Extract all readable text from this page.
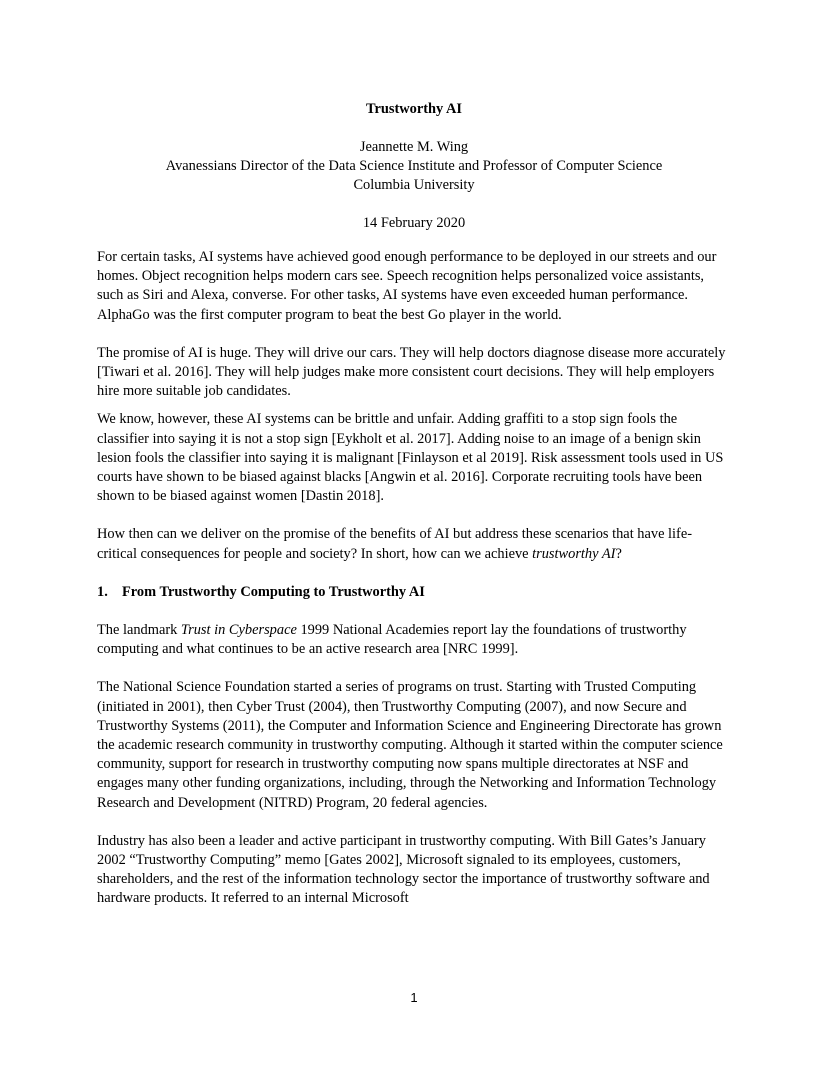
Trustworthy AI
Jeannette M. Wing
Avanessians Director of the Data Science Institute and Professor of Computer Science
Columbia University
14 February 2020

For certain tasks, AI systems have achieved good enough performance to be deployed in our streets and our homes. Object recognition helps modern cars see. Speech recognition helps personalized voice assistants, such as Siri and Alexa, converse. For other tasks, AI systems have even exceeded human performance. AlphaGo was the first computer program to beat the best Go player in the world.

The promise of AI is huge. They will drive our cars. They will help doctors diagnose disease more accurately [Tiwari et al. 2016]. They will help judges make more consistent court decisions. They will help employers hire more suitable job candidates.

We know, however, these AI systems can be brittle and unfair. Adding graffiti to a stop sign fools the classifier into saying it is not a stop sign [Eykholt et al. 2017]. Adding noise to an image of a benign skin lesion fools the classifier into saying it is malignant [Finlayson et al 2019]. Risk assessment tools used in US courts have shown to be biased against blacks [Angwin et al. 2016]. Corporate recruiting tools have been shown to be biased against women [Dastin 2018].

How then can we deliver on the promise of the benefits of AI but address these scenarios that have life-critical consequences for people and society? In short, how can we achieve trustworthy AI?

1. From Trustworthy Computing to Trustworthy AI

The landmark Trust in Cyberspace 1999 National Academies report lay the foundations of trustworthy computing and what continues to be an active research area [NRC 1999].

The National Science Foundation started a series of programs on trust. Starting with Trusted Computing (initiated in 2001), then Cyber Trust (2004), then Trustworthy Computing (2007), and now Secure and Trustworthy Systems (2011), the Computer and Information Science and Engineering Directorate has grown the academic research community in trustworthy computing. Although it started within the computer science community, support for research in trustworthy computing now spans multiple directorates at NSF and engages many other funding organizations, including, through the Networking and Information Technology Research and Development (NITRD) Program, 20 federal agencies.

Industry has also been a leader and active participant in trustworthy computing. With Bill Gates’s January 2002 “Trustworthy Computing” memo [Gates 2002], Microsoft signaled to its employees, customers, shareholders, and the rest of the information technology sector the importance of trustworthy software and hardware products. It referred to an internal Microsoft

1
